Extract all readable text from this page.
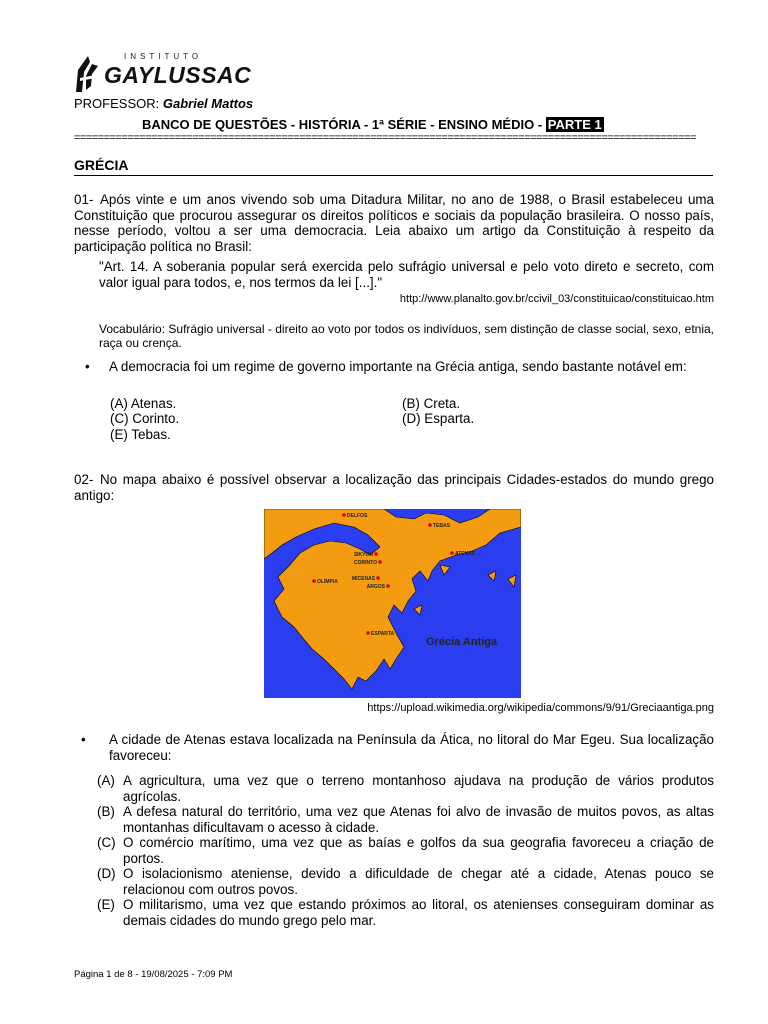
INSTITUTO
GAYLUSSAC
PROFESSOR: Gabriel Mattos
BANCO DE QUESTÕES - HISTÓRIA - 1ª SÉRIE - ENSINO MÉDIO - PARTE 1
=========================================================================================================
GRÉCIA
01- Após vinte e um anos vivendo sob uma Ditadura Militar, no ano de 1988, o Brasil estabeleceu uma Constituição que procurou assegurar os direitos políticos e sociais da população brasileira. O nosso país, nesse período, voltou a ser uma democracia. Leia abaixo um artigo da Constituição à respeito da participação política no Brasil:

"Art. 14. A soberania popular será exercida pelo sufrágio universal e pelo voto direto e secreto, com valor igual para todos, e, nos termos da lei [...]."

http://www.planalto.gov.br/ccivil_03/constituicao/constituicao.htm

Vocabulário: Sufrágio universal - direito ao voto por todos os indivíduos, sem distinção de classe social, sexo, etnia, raça ou crença.

• A democracia foi um regime de governo importante na Grécia antiga, sendo bastante notável em:

(A) Atenas.	(B) Creta.
(C) Corinto.	(D) Esparta.
(E) Tebas.
02- No mapa abaixo é possível observar a localização das principais Cidades-estados do mundo grego antigo:

DELFOS
TEBAS
SIKYON
CORINTO
ATENAS
OLÍMPIA	MICENAS
ARGOS
ESPARTA
Grécia Antiga
https://upload.wikimedia.org/wikipedia/commons/9/91/Greciaantiga.png

• A cidade de Atenas estava localizada na Península da Ática, no litoral do Mar Egeu. Sua localização favoreceu:

(A) A agricultura, uma vez que o terreno montanhoso ajudava na produção de vários produtos agrícolas.

(B) A defesa natural do território, uma vez que Atenas foi alvo de invasão de muitos povos, as altas montanhas dificultavam o acesso à cidade.

(C) O comércio marítimo, uma vez que as baías e golfos da sua geografia favoreceu a criação de portos.

(D) O isolacionismo ateniense, devido a dificuldade de chegar até a cidade, Atenas pouco se relacionou com outros povos.

(E) O militarismo, uma vez que estando próximos ao litoral, os atenienses conseguiram dominar as demais cidades do mundo grego pelo mar.

Página 1 de 8 - 19/08/2025 - 7:09 PM
